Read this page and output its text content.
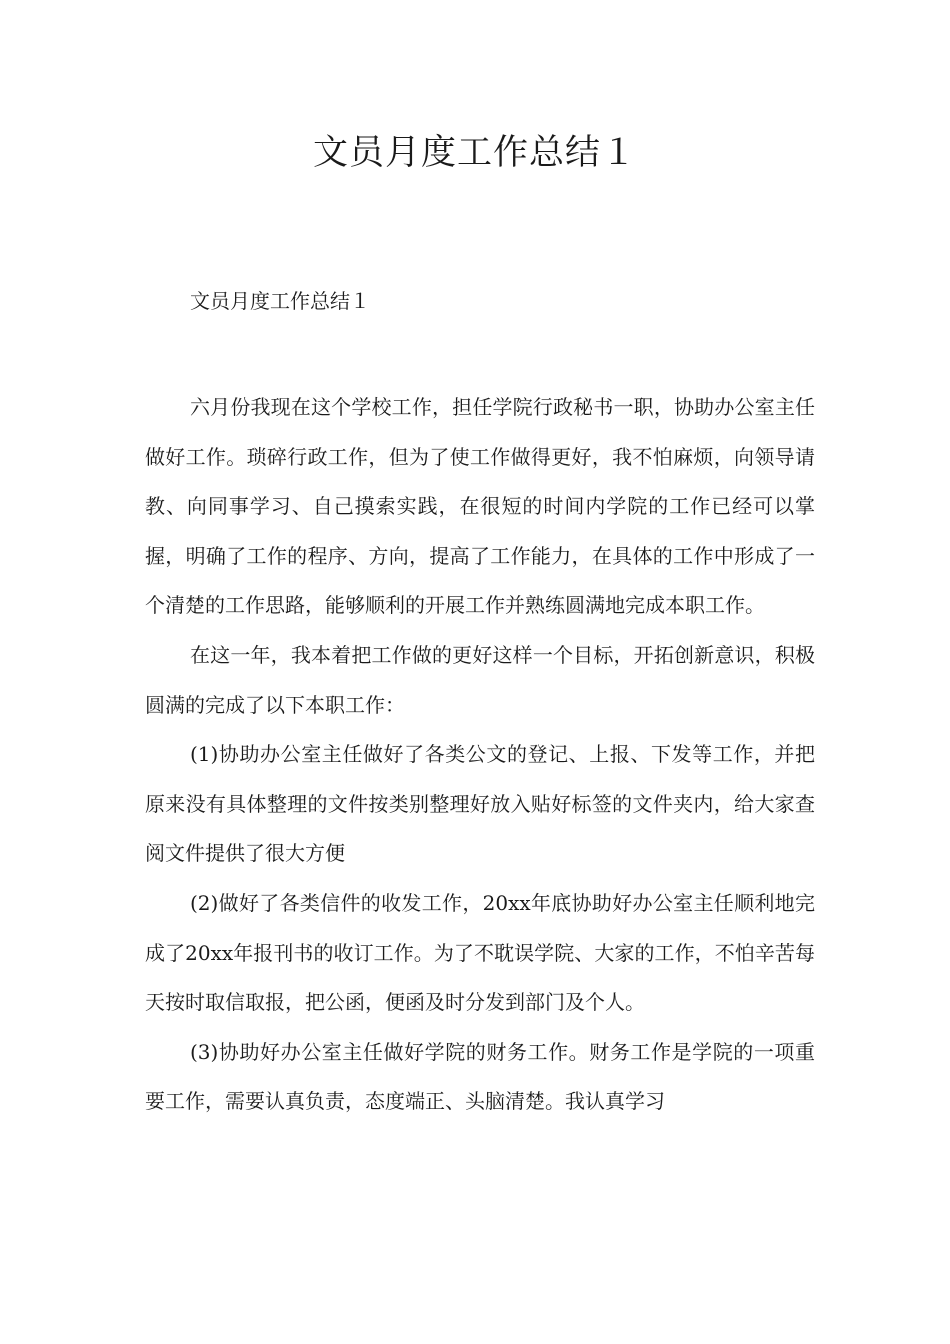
文员月度工作总结１

文员月度工作总结１

六月份我现在这个学校工作，担任学院行政秘书一职，协助办公室主任做好工作。琐碎行政工作，但为了使工作做得更好，我不怕麻烦，向领导请教、向同事学习、自己摸索实践，在很短的时间内学院的工作已经可以掌握，明确了工作的程序、方向，提高了工作能力，在具体的工作中形成了一个清楚的工作思路，能够顺利的开展工作并熟练圆满地完成本职工作。

在这一年，我本着把工作做的更好这样一个目标，开拓创新意识，积极圆满的完成了以下本职工作：

(1)协助办公室主任做好了各类公文的登记、上报、下发等工作，并把原来没有具体整理的文件按类别整理好放入贴好标签的文件夹内，给大家查阅文件提供了很大方便

(2)做好了各类信件的收发工作，20xx年底协助好办公室主任顺利地完成了20xx年报刊书的收订工作。为了不耽误学院、大家的工作，不怕辛苦每天按时取信取报，把公函，便函及时分发到部门及个人。

(3)协助好办公室主任做好学院的财务工作。财务工作是学院的一项重要工作，需要认真负责，态度端正、头脑清楚。我认真学习
